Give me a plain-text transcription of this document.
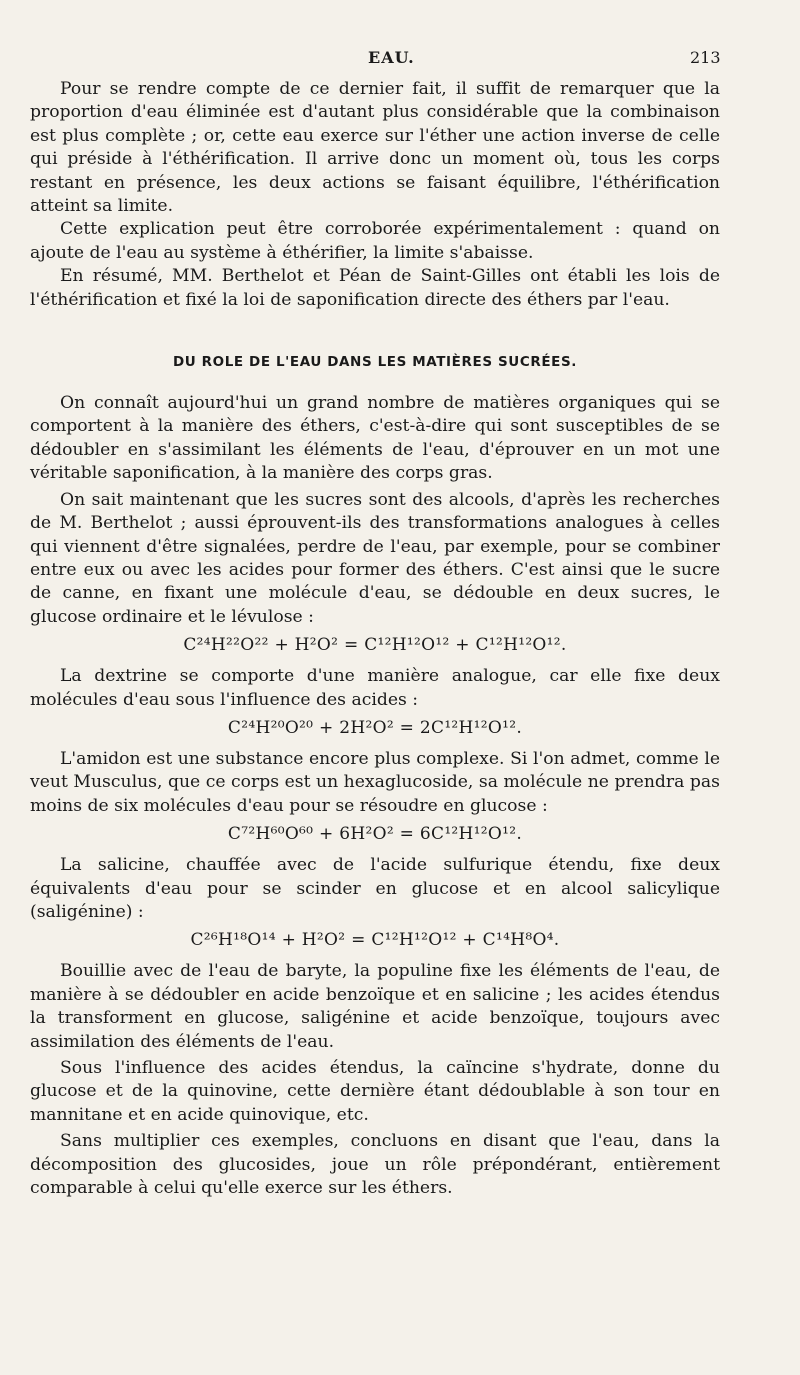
EAU.	213

Pour se rendre compte de ce dernier fait, il suffit de remarquer que la proportion d'eau éliminée est d'autant plus considérable que la combinaison est plus complète ; or, cette eau exerce sur l'éther une action inverse de celle qui préside à l'éthérification. Il arrive donc un moment où, tous les corps restant en présence, les deux actions se faisant équilibre, l'éthérification atteint sa limite.

Cette explication peut être corroborée expérimentalement : quand on ajoute de l'eau au système à éthérifier, la limite s'abaisse.

En résumé, MM. Berthelot et Péan de Saint-Gilles ont établi les lois de l'éthérification et fixé la loi de saponification directe des éthers par l'eau.

DU ROLE DE L'EAU DANS LES MATIÈRES SUCRÉES.

On connaît aujourd'hui un grand nombre de matières organiques qui se comportent à la manière des éthers, c'est-à-dire qui sont susceptibles de se dédoubler en s'assimilant les éléments de l'eau, d'éprouver en un mot une véritable saponification, à la manière des corps gras.

On sait maintenant que les sucres sont des alcools, d'après les recherches de M. Berthelot ; aussi éprouvent-ils des transformations analogues à celles qui viennent d'être signalées, perdre de l'eau, par exemple, pour se combiner entre eux ou avec les acides pour former des éthers. C'est ainsi que le sucre de canne, en fixant une molécule d'eau, se dédouble en deux sucres, le glucose ordinaire et le lévulose :

C²⁴H²²O²² + H²O² = C¹²H¹²O¹² + C¹²H¹²O¹².

La dextrine se comporte d'une manière analogue, car elle fixe deux molécules d'eau sous l'influence des acides :

C²⁴H²⁰O²⁰ + 2H²O² = 2C¹²H¹²O¹².

L'amidon est une substance encore plus complexe. Si l'on admet, comme le veut Musculus, que ce corps est un hexaglucoside, sa molécule ne prendra pas moins de six molécules d'eau pour se résoudre en glucose :

C⁷²H⁶⁰O⁶⁰ + 6H²O² = 6C¹²H¹²O¹².

La salicine, chauffée avec de l'acide sulfurique étendu, fixe deux équivalents d'eau pour se scinder en glucose et en alcool salicylique (saligénine) :

C²⁶H¹⁸O¹⁴ + H²O² = C¹²H¹²O¹² + C¹⁴H⁸O⁴.

Bouillie avec de l'eau de baryte, la populine fixe les éléments de l'eau, de manière à se dédoubler en acide benzoïque et en salicine ; les acides étendus la transforment en glucose, saligénine et acide benzoïque, toujours avec assimilation des éléments de l'eau.

Sous l'influence des acides étendus, la caïncine s'hydrate, donne du glucose et de la quinovine, cette dernière étant dédoublable à son tour en mannitane et en acide quinovique, etc.

Sans multiplier ces exemples, concluons en disant que l'eau, dans la décomposition des glucosides, joue un rôle prépondérant, entièrement comparable à celui qu'elle exerce sur les éthers.
